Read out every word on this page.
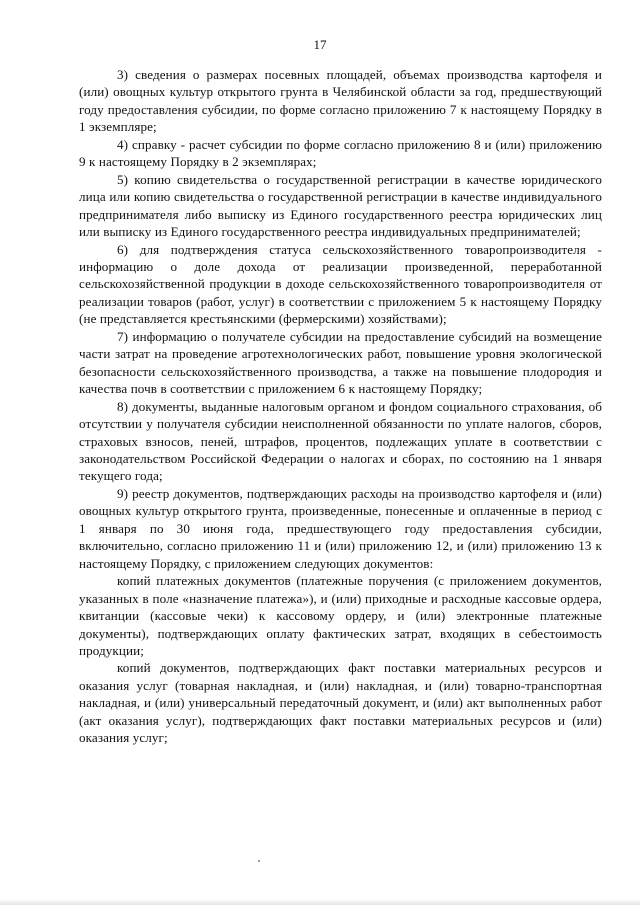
17

3) сведения о размерах посевных площадей, объемах производства картофеля и (или) овощных культур открытого грунта в Челябинской области за год, предшествующий году предоставления субсидии, по форме согласно приложению 7 к настоящему Порядку в 1 экземпляре;

4) справку - расчет субсидии по форме согласно приложению 8 и (или) приложению 9 к настоящему Порядку в 2 экземплярах;

5) копию свидетельства о государственной регистрации в качестве юридического лица или копию свидетельства о государственной регистрации в качестве индивидуального предпринимателя либо выписку из Единого государственного реестра юридических лиц или выписку из Единого государственного реестра индивидуальных предпринимателей;

6) для подтверждения статуса сельскохозяйственного товаропроизводителя - информацию о доле дохода от реализации произведенной, переработанной сельскохозяйственной продукции в доходе сельскохозяйственного товаропроизводителя от реализации товаров (работ, услуг) в соответствии с приложением 5 к настоящему Порядку (не представляется крестьянскими (фермерскими) хозяйствами);

7) информацию о получателе субсидии на предоставление субсидий на возмещение части затрат на проведение агротехнологических работ, повышение уровня экологической безопасности сельскохозяйственного производства, а также на повышение плодородия и качества почв в соответствии с приложением 6 к настоящему Порядку;

8) документы, выданные налоговым органом и фондом социального страхования, об отсутствии у получателя субсидии неисполненной обязанности по уплате налогов, сборов, страховых взносов, пеней, штрафов, процентов, подлежащих уплате в соответствии с законодательством Российской Федерации о налогах и сборах, по состоянию на 1 января текущего года;

9) реестр документов, подтверждающих расходы на производство картофеля и (или) овощных культур открытого грунта, произведенные, понесенные и оплаченные в период с 1 января по 30 июня года, предшествующего году предоставления субсидии, включительно, согласно приложению 11 и (или) приложению 12, и (или) приложению 13 к настоящему Порядку, с приложением следующих документов:

копий платежных документов (платежные поручения (с приложением документов, указанных в поле «назначение платежа»), и (или) приходные и расходные кассовые ордера, квитанции (кассовые чеки) к кассовому ордеру, и (или) электронные платежные документы), подтверждающих оплату фактических затрат, входящих в себестоимость продукции;

копий документов, подтверждающих факт поставки материальных ресурсов и оказания услуг (товарная накладная, и (или) накладная, и (или) товарно-транспортная накладная, и (или) универсальный передаточный документ, и (или) акт выполненных работ (акт оказания услуг), подтверждающих факт поставки материальных ресурсов и (или) оказания услуг;
